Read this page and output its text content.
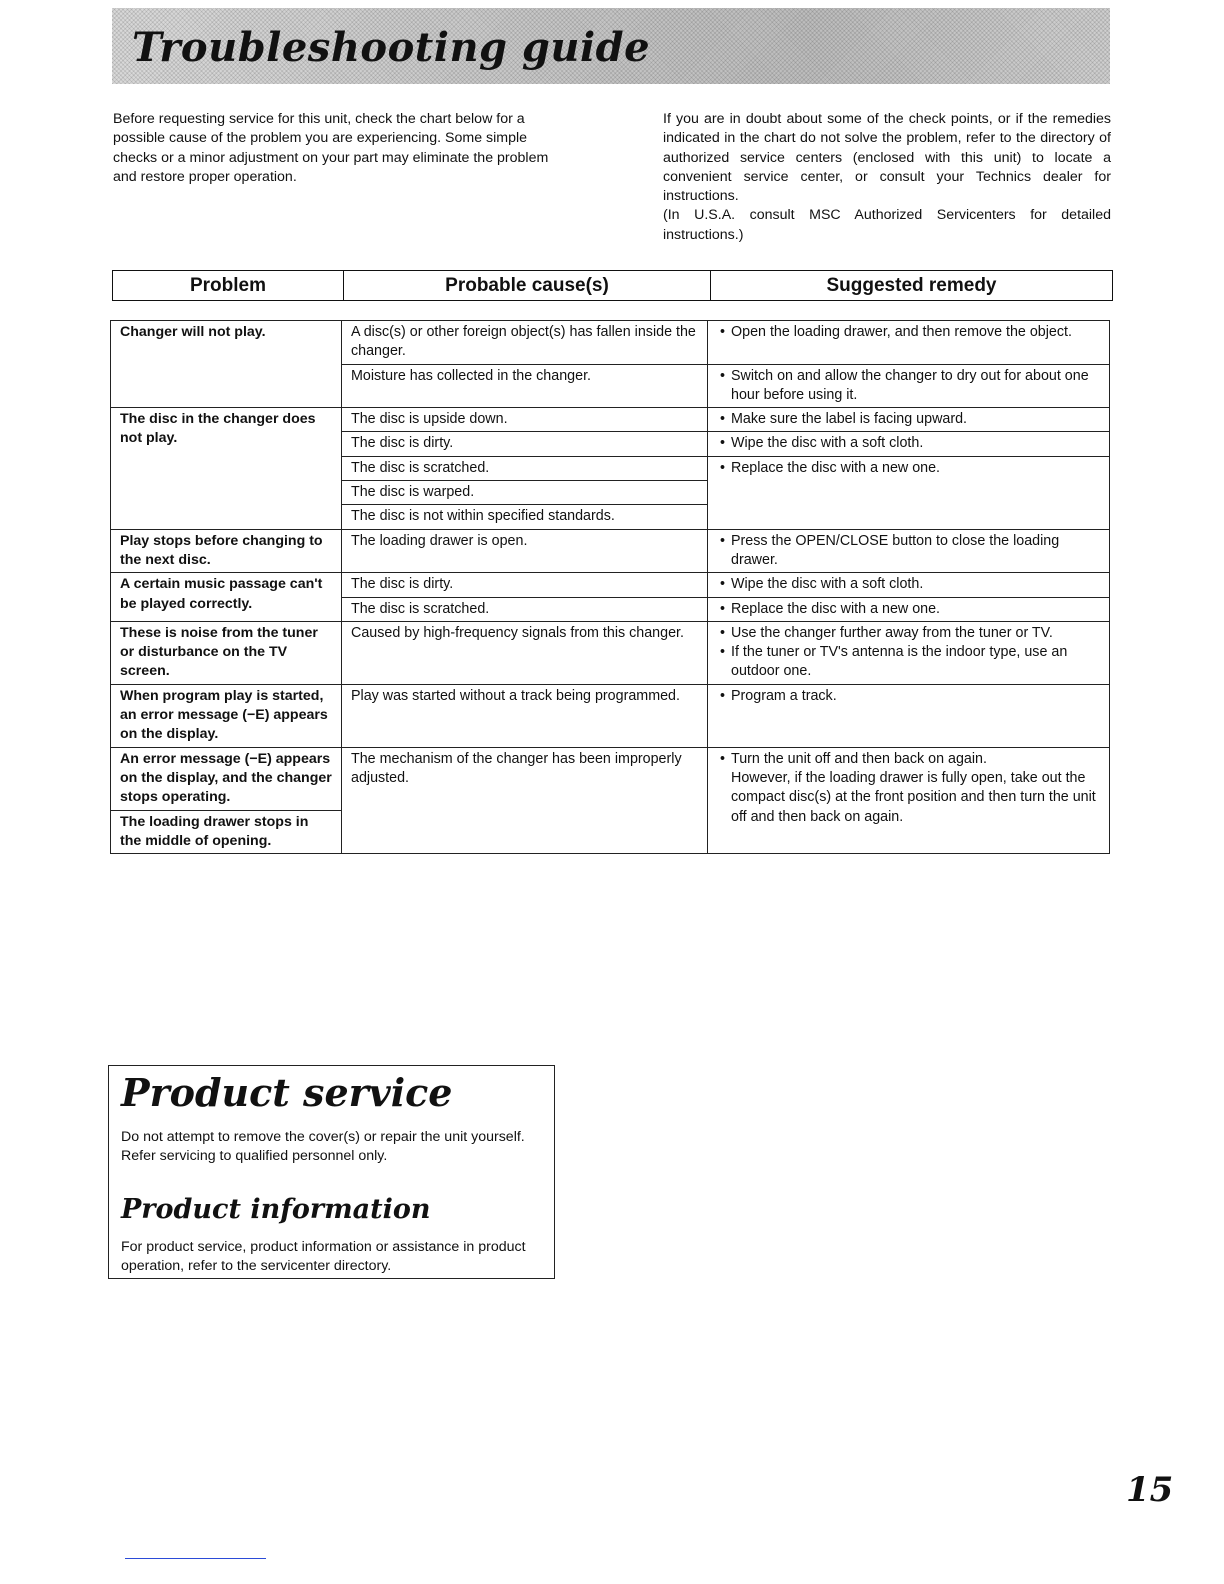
Troubleshooting guide

Before requesting service for this unit, check the chart below for a possible cause of the problem you are experiencing. Some simple checks or a minor adjustment on your part may eliminate the problem and restore proper operation.

If you are in doubt about some of the check points, or if the remedies indicated in the chart do not solve the problem, refer to the directory of authorized service centers (enclosed with this unit) to locate a convenient service center, or consult your Technics dealer for instructions.

(In U.S.A. consult MSC Authorized Servicenters for detailed instructions.)

Problem	Probable cause(s)	Suggested remedy
Changer will not play.	A disc(s) or other foreign object(s) has fallen inside the changer.	• Open the loading drawer, and then remove the object.

	Moisture has collected in the changer.	• Switch on and allow the changer to dry out for about one hour before using it.

The disc in the changer does not play.	The disc is upside down.	• Make sure the label is facing upward.

	The disc is dirty.	• Wipe the disc with a soft cloth.

	The disc is scratched.	• Replace the disc with a new one.

	The disc is warped.	
	The disc is not within specified standards.	
Play stops before changing to the next disc.	The loading drawer is open.	• Press the OPEN/CLOSE button to close the loading drawer.

A certain music passage can't be played correctly.	The disc is dirty.	• Wipe the disc with a soft cloth.

	The disc is scratched.	• Replace the disc with a new one.

These is noise from the tuner or disturbance on the TV screen.	Caused by high-frequency signals from this changer.	• Use the changer further away from the tuner or TV.

• If the tuner or TV's antenna is the indoor type, use an outdoor one.

When program play is started, an error message (−E) appears on the display.	Play was started without a track being programmed.	• Program a track.

An error message (−E) appears on the display, and the changer stops operating.	The mechanism of the changer has been improperly adjusted.	• Turn the unit off and then back on again.

However, if the loading drawer is fully open, take out the compact disc(s) at the front position and then turn the unit off and then back on again.

The loading drawer stops in the middle of opening.		
Product service
Do not attempt to remove the cover(s) or repair the unit yourself.
Refer servicing to qualified personnel only.
Product information

For product service, product information or assistance in product operation, refer to the servicenter directory.

15
